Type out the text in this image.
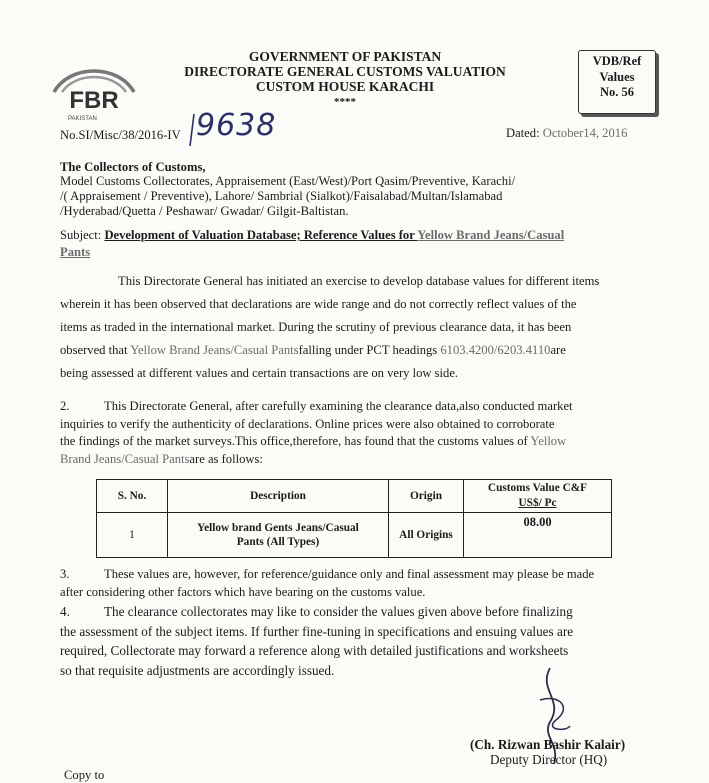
FBR
PAKISTAN
GOVERNMENT OF PAKISTAN
DIRECTORATE GENERAL CUSTOMS VALUATION
CUSTOM HOUSE KARACHI
****
VDB/Ref
Values
No. 56
No.SI/Misc/38/2016-IV 9638	Dated: October14, 2016
The Collectors of Customs,
Model Customs Collectorates, Appraisement (East/West)/Port Qasim/Preventive, Karachi/
/( Appraisement / Preventive), Lahore/ Sambrial (Sialkot)/Faisalabad/Multan/Islamabad
/Hyderabad/Quetta / Peshawar/ Gwadar/ Gilgit-Baltistan.
Subject: Development of Valuation Database; Reference Values for Yellow Brand Jeans/Casual
Pants
This Directorate General has initiated an exercise to develop database values for different items
wherein it has been observed that declarations are wide range and do not correctly reflect values of the
items as traded in the international market. During the scrutiny of previous clearance data, it has been
observed that Yellow Brand Jeans/Casual Pantsfalling under PCT headings 6103.4200/6203.4110are
being assessed at different values and certain transactions are on very low side.
2.	This Directorate General, after carefully examining the clearance data,also conducted market
inquiries to verify the authenticity of declarations. Online prices were also obtained to corroborate
the findings of the market surveys.This office,therefore, has found that the customs values of Yellow
Brand Jeans/Casual Pantsare as follows:
S. No.	Description	Origin	Customs Value C&F
US$/ Pc

1	Yellow brand Gents Jeans/Casual
Pants (All Types)	All Origins	08.00
3.	These values are, however, for reference/guidance only and final assessment may please be made
after considering other factors which have bearing on the customs value.
4.	The clearance collectorates may like to consider the values given above before finalizing
the assessment of the subject items. If further fine-tuning in specifications and ensuing values are
required, Collectorate may forward a reference along with detailed justifications and worksheets
so that requisite adjustments are accordingly issued.
(Ch. Rizwan Bashir Kalair)
Deputy Director (HQ)
Copy to
